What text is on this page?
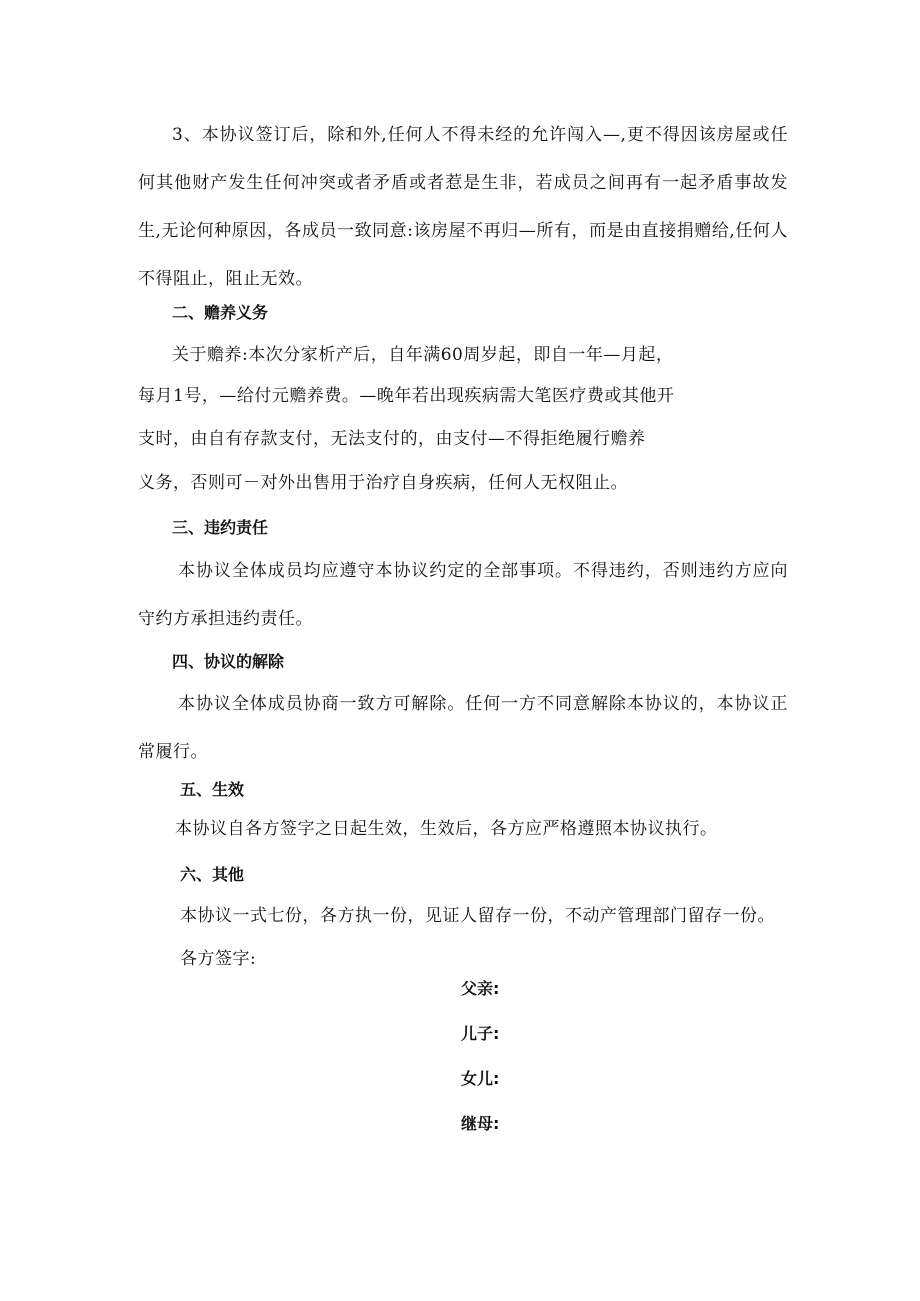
3、本协议签订后，除和外,任何人不得未经的允许闯入—,更不得因该房屋或任何其他财产发生任何冲突或者矛盾或者惹是生非，若成员之间再有一起矛盾事故发生,无论何种原因，各成员一致同意:该房屋不再归—所有，而是由直接捐赠给,任何人不得阻止，阻止无效。
二、赡养义务
关于赡养:本次分家析产后，自年满60周岁起，即自一年—月起，
每月1号，—给付元赡养费。—晚年若出现疾病需大笔医疗费或其他开
支时，由自有存款支付，无法支付的，由支付—不得拒绝履行赡养
义务，否则可－对外出售用于治疗自身疾病，任何人无权阻止。
三、违约责任
本协议全体成员均应遵守本协议约定的全部事项。不得违约，否则违约方应向守约方承担违约责任。
四、协议的解除
本协议全体成员协商一致方可解除。任何一方不同意解除本协议的，本协议正常履行。
五、生效
本协议自各方签字之日起生效，生效后，各方应严格遵照本协议执行。
六、其他
本协议一式七份，各方执一份，见证人留存一份，不动产管理部门留存一份。
各方签字:
父亲:
儿子:
女儿:
继母:
